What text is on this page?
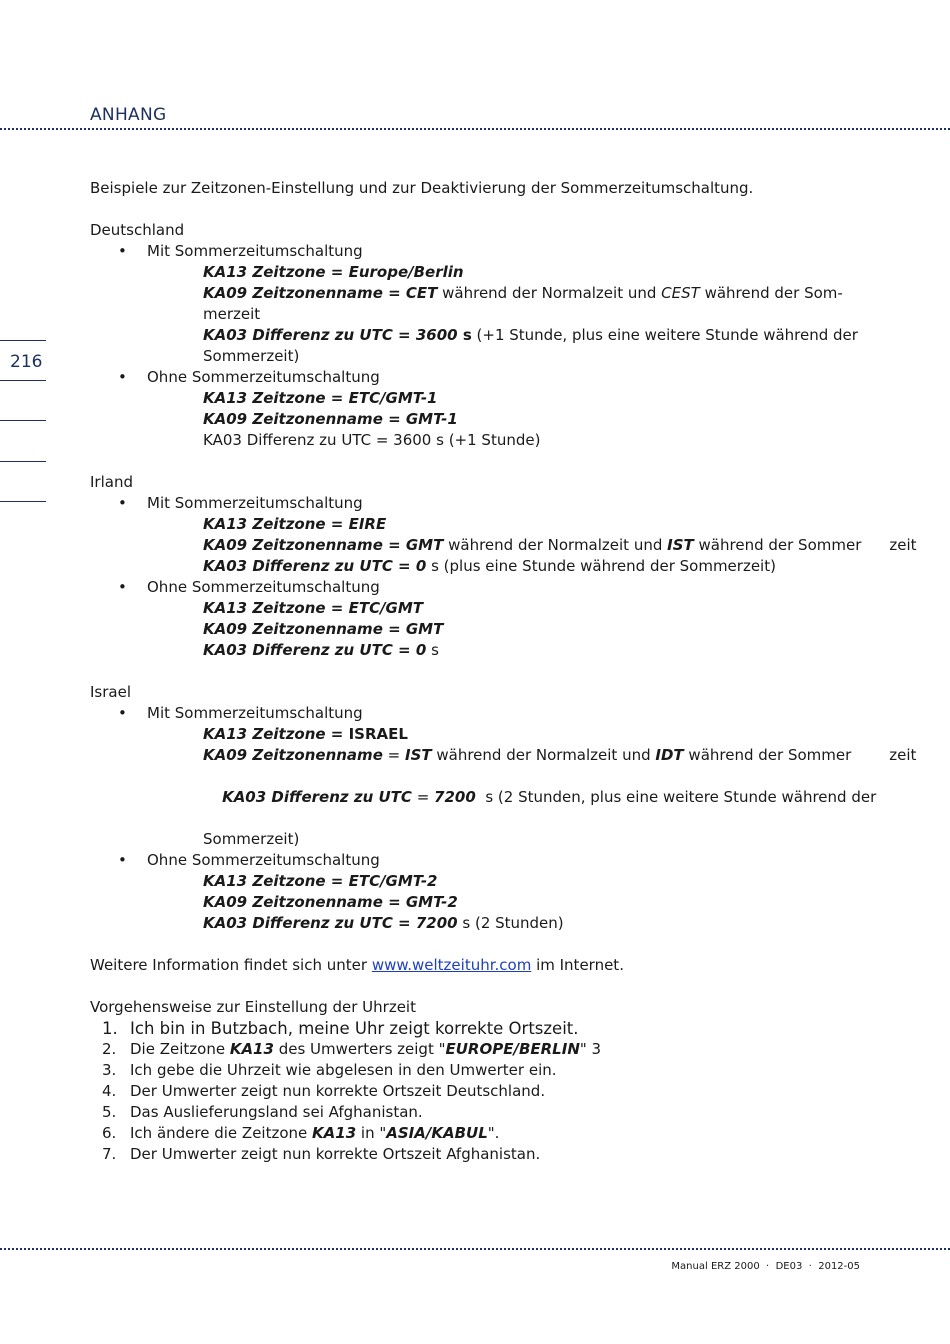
ANHANG
216
Beispiele zur Zeitzonen-Einstellung und zur Deaktivierung der Sommerzeitumschaltung.
Deutschland
• Mit Sommerzeitumschaltung
KA13 Zeitzone = Europe/Berlin
KA09 Zeitzonenname = CET während der Normalzeit und CEST während der Som-
merzeit
KA03 Differenz zu UTC = 3600 s (+1 Stunde, plus eine weitere Stunde während der
Sommerzeit)
• Ohne Sommerzeitumschaltung
KA13 Zeitzone = ETC/GMT-1
KA09 Zeitzonenname = GMT-1
KA03 Differenz zu UTC = 3600 s (+1 Stunde)
Irland
• Mit Sommerzeitumschaltung
KA13 Zeitzone = EIRE
KA09 Zeitzonenname = GMT während der Normalzeit und IST während der Sommer zeit
KA03 Differenz zu UTC = 0 s (plus eine Stunde während der Sommerzeit)
• Ohne Sommerzeitumschaltung
KA13 Zeitzone = ETC/GMT
KA09 Zeitzonenname = GMT
KA03 Differenz zu UTC = 0 s
Israel
• Mit Sommerzeitumschaltung
KA13 Zeitzone = ISRAEL
KA09 Zeitzonenname = IST während der Normalzeit und IDT während der Sommer	zeit

KA03 Differenz zu UTC = 7200  s (2 Stunden, plus eine weitere Stunde während der

Sommerzeit)
• Ohne Sommerzeitumschaltung
KA13 Zeitzone = ETC/GMT-2
KA09 Zeitzonenname = GMT-2
KA03 Differenz zu UTC = 7200 s (2 Stunden)
Weitere Information findet sich unter www.weltzeituhr.com im Internet.
Vorgehensweise zur Einstellung der Uhrzeit
1. Ich bin in Butzbach, meine Uhr zeigt korrekte Ortszeit.
2. Die Zeitzone KA13 des Umwerters zeigt "EUROPE/BERLIN" 3
3. Ich gebe die Uhrzeit wie abgelesen in den Umwerter ein.
4. Der Umwerter zeigt nun korrekte Ortszeit Deutschland.
5. Das Auslieferungsland sei Afghanistan.
6. Ich ändere die Zeitzone KA13 in "ASIA/KABUL".
7. Der Umwerter zeigt nun korrekte Ortszeit Afghanistan.
Manual ERZ 2000  ·  DE03  ·  2012-05
